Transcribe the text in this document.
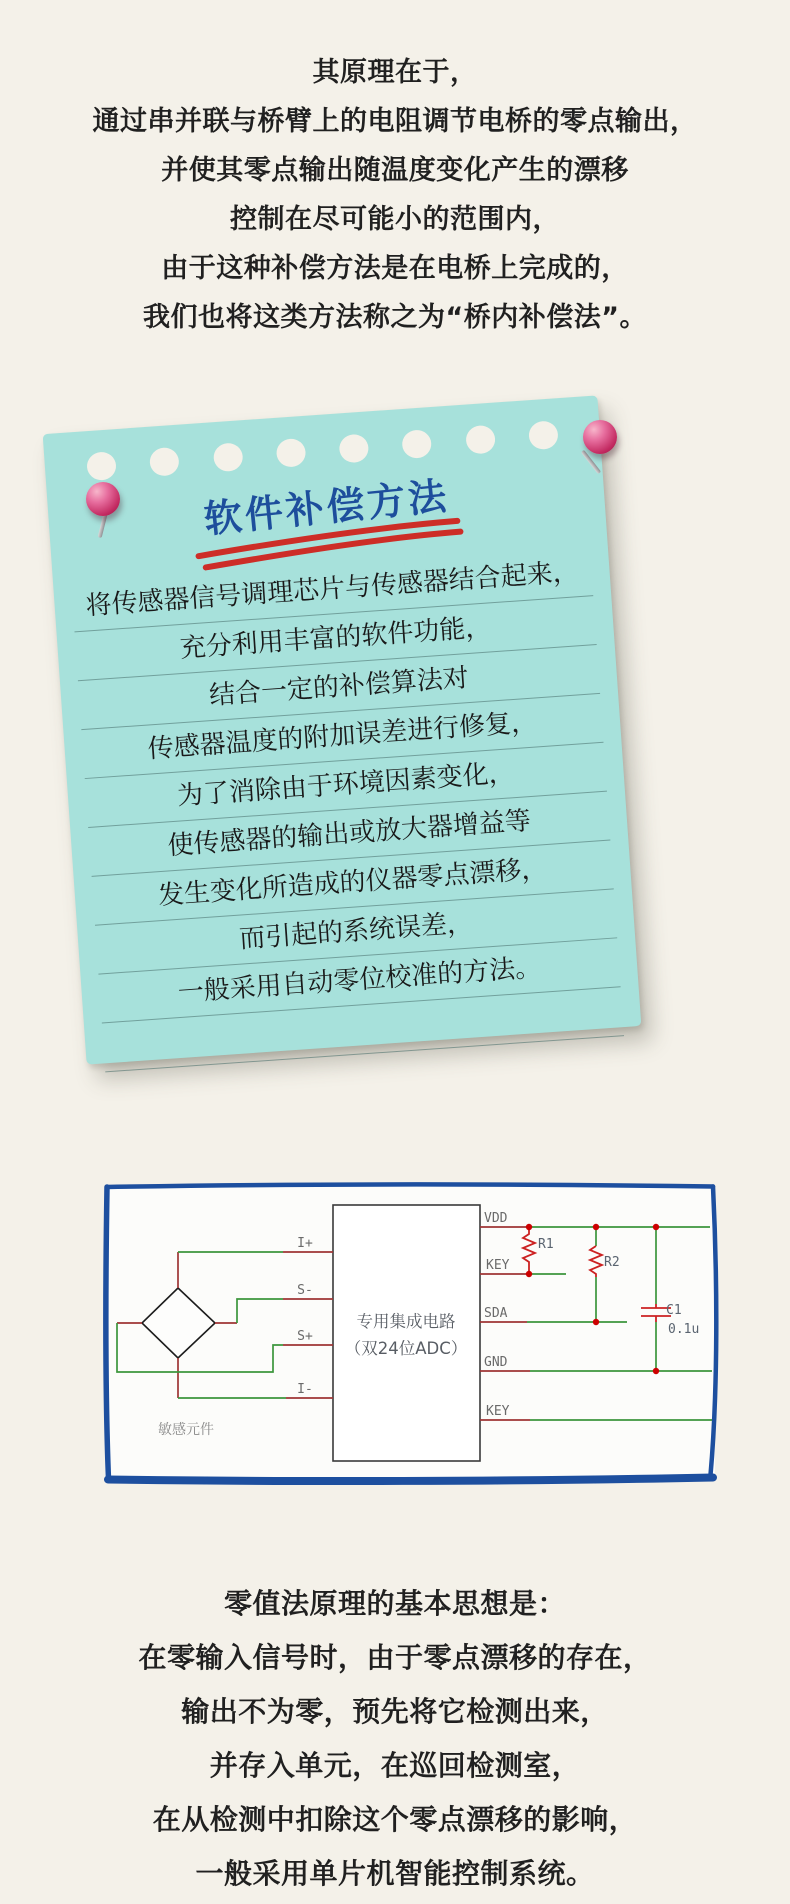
其原理在于，
通过串并联与桥臂上的电阻调节电桥的零点输出，
并使其零点输出随温度变化产生的漂移
控制在尽可能小的范围内，
由于这种补偿方法是在电桥上完成的，
我们也将这类方法称之为“桥内补偿法”。
软件补偿方法
将传感器信号调理芯片与传感器结合起来，
充分利用丰富的软件功能，
结合一定的补偿算法对
传感器温度的附加误差进行修复，
为了消除由于环境因素变化，
使传感器的输出或放大器增益等
发生变化所造成的仪器零点漂移，
而引起的系统误差，
一般采用自动零位校准的方法。
专用集成电路
（双24位ADC）
I+
S-
S+
I-
VDD
KEY
SDA
GND
KEY
R1
R2
C1
0.1u
敏感元件
零值法原理的基本思想是：
在零输入信号时，由于零点漂移的存在，
输出不为零，预先将它检测出来，
并存入单元，在巡回检测室，
在从检测中扣除这个零点漂移的影响，
一般采用单片机智能控制系统。
